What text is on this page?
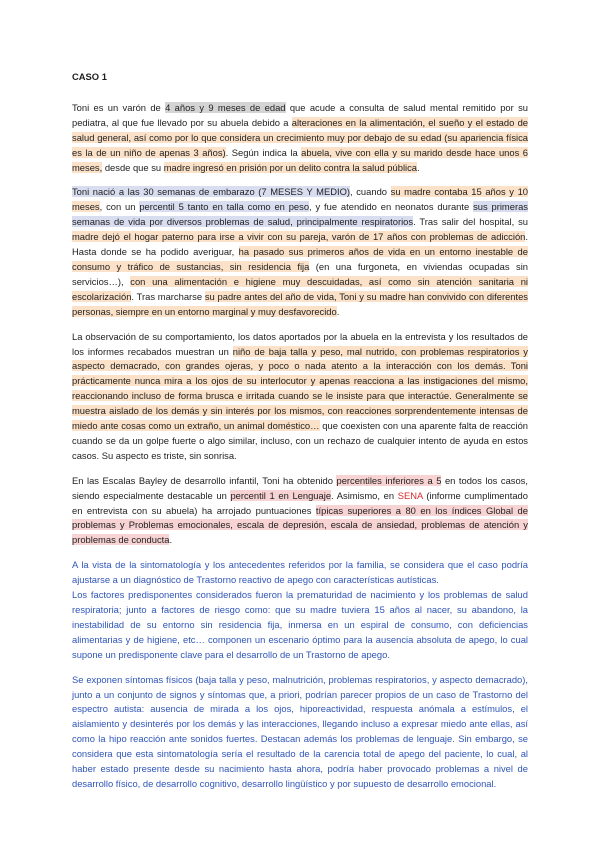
CASO 1

Toni es un varón de 4 años y 9 meses de edad que acude a consulta de salud mental remitido por su pediatra, al que fue llevado por su abuela debido a alteraciones en la alimentación, el sueño y el estado de salud general, así como por lo que considera un crecimiento muy por debajo de su edad (su apariencia física es la de un niño de apenas 3 años). Según indica la abuela, vive con ella y su marido desde hace unos 6 meses, desde que su madre ingresó en prisión por un delito contra la salud pública.

Toni nació a las 30 semanas de embarazo (7 MESES Y MEDIO), cuando su madre contaba 15 años y 10 meses, con un percentil 5 tanto en talla como en peso, y fue atendido en neonatos durante sus primeras semanas de vida por diversos problemas de salud, principalmente respiratorios. Tras salir del hospital, su madre dejó el hogar paterno para irse a vivir con su pareja, varón de 17 años con problemas de adicción. Hasta donde se ha podido averiguar, ha pasado sus primeros años de vida en un entorno inestable de consumo y tráfico de sustancias, sin residencia fija (en una furgoneta, en viviendas ocupadas sin servicios…), con una alimentación e higiene muy descuidadas, así como sin atención sanitaria ni escolarización. Tras marcharse su padre antes del año de vida, Toni y su madre han convivido con diferentes personas, siempre en un entorno marginal y muy desfavorecido.

La observación de su comportamiento, los datos aportados por la abuela en la entrevista y los resultados de los informes recabados muestran un niño de baja talla y peso, mal nutrido, con problemas respiratorios y aspecto demacrado, con grandes ojeras, y poco o nada atento a la interacción con los demás. Toni prácticamente nunca mira a los ojos de su interlocutor y apenas reacciona a las instigaciones del mismo, reaccionando incluso de forma brusca e irritada cuando se le insiste para que interactúe. Generalmente se muestra aislado de los demás y sin interés por los mismos, con reacciones sorprendentemente intensas de miedo ante cosas como un extraño, un animal doméstico… que coexisten con una aparente falta de reacción cuando se da un golpe fuerte o algo similar, incluso, con un rechazo de cualquier intento de ayuda en estos casos. Su aspecto es triste, sin sonrisa.

En las Escalas Bayley de desarrollo infantil, Toni ha obtenido percentiles inferiores a 5 en todos los casos, siendo especialmente destacable un percentil 1 en Lenguaje. Asimismo, en SENA (informe cumplimentado en entrevista con su abuela) ha arrojado puntuaciones típicas superiores a 80 en los índices Global de problemas y Problemas emocionales, escala de depresión, escala de ansiedad, problemas de atención y problemas de conducta.

A la vista de la sintomatología y los antecedentes referidos por la familia, se considera que el caso podría ajustarse a un diagnóstico de Trastorno reactivo de apego con características autísticas.
Los factores predisponentes considerados fueron la prematuridad de nacimiento y los problemas de salud respiratoria; junto a factores de riesgo como: que su madre tuviera 15 años al nacer, su abandono, la inestabilidad de su entorno sin residencia fija, inmersa en un espiral de consumo, con deficiencias alimentarias y de higiene, etc… componen un escenario óptimo para la ausencia absoluta de apego, lo cual supone un predisponente clave para el desarrollo de un Trastorno de apego.

Se exponen síntomas físicos (baja talla y peso, malnutrición, problemas respiratorios, y aspecto demacrado), junto a un conjunto de signos y síntomas que, a priori, podrían parecer propios de un caso de Trastorno del espectro autista: ausencia de mirada a los ojos, hiporeactividad, respuesta anómala a estímulos, el aislamiento y desinterés por los demás y las interacciones, llegando incluso a expresar miedo ante ellas, así como la hipo reacción ante sonidos fuertes. Destacan además los problemas de lenguaje. Sin embargo, se considera que esta sintomatología sería el resultado de la carencia total de apego del paciente, lo cual, al haber estado presente desde su nacimiento hasta ahora, podría haber provocado problemas a nivel de desarrollo físico, de desarrollo cognitivo, desarrollo lingüístico y por supuesto de desarrollo emocional.
